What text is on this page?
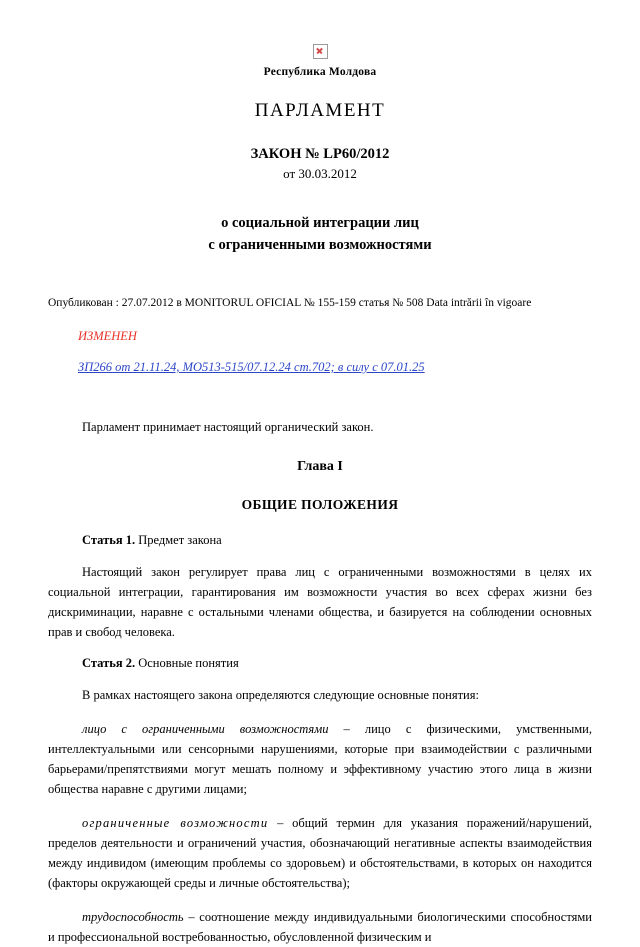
Республика Молдова
ПАРЛАМЕНТ
ЗАКОН № LP60/2012
от 30.03.2012
о социальной интеграции лиц
с ограниченными возможностями
Опубликован : 27.07.2012 в MONITORUL OFICIAL № 155-159 статья № 508 Data intrării în vigoare
ИЗМЕНЕН
ЗП266 от 21.11.24, МО513-515/07.12.24 ст.702; в силу с 07.01.25
Парламент принимает настоящий органический закон.
Глава I
ОБЩИЕ ПОЛОЖЕНИЯ
Статья 1. Предмет закона
Настоящий закон регулирует права лиц с ограниченными возможностями в целях их социальной интеграции, гарантирования им возможности участия во всех сферах жизни без дискриминации, наравне с остальными членами общества, и базируется на соблюдении основных прав и свобод человека.
Статья 2. Основные понятия
В рамках настоящего закона определяются следующие основные понятия:
лицо с ограниченными возможностями – лицо с физическими, умственными, интеллектуальными или сенсорными нарушениями, которые при взаимодействии с различными барьерами/препятствиями могут мешать полному и эффективному участию этого лица в жизни общества наравне с другими лицами;
ограниченные возможности – общий термин для указания поражений/нарушений, пределов деятельности и ограничений участия, обозначающий негативные аспекты взаимодействия между индивидом (имеющим проблемы со здоровьем) и обстоятельствами, в которых он находится (факторы окружающей среды и личные обстоятельства);
трудоспособность – соотношение между индивидуальными биологическими способностями и профессиональной востребованностью, обусловленной физическим и
